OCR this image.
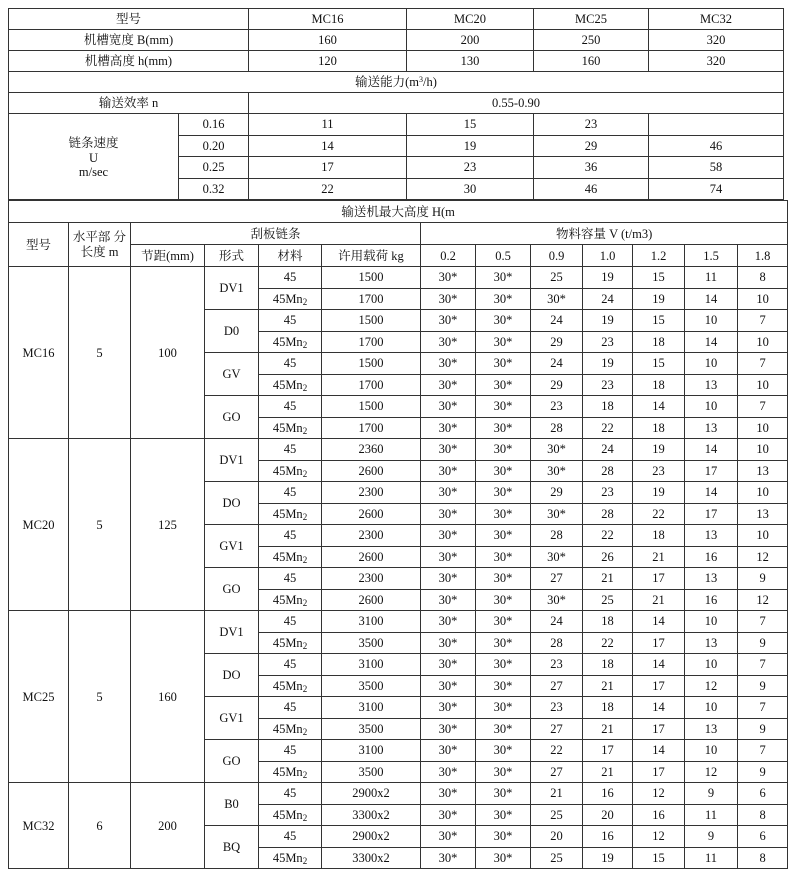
型号		MC16	MC20	MC25	MC32
机槽宽度 B(mm)		160	200	250	320
机槽高度 h(mm)		120	130	160	320
输送能力$(m^3/h)$					
输送效率 n		0.55-0.90			

链条速度
U
m/sec	0.16	11	15	23	
	0.20	14	19	29	46
	0.25	17	23	36	58
	0.32	22	30	46	74
输送机最大高度 H(m												
型号	水平部 分长度 m	刮板链条				物料容量 V (t/m3)						
		节距(mm)	形式	材料	许用载荷 kg	0.2	0.5	0.9	1.0	1.2	1.5	1.8
MC16	5	100	DV1	45	1500	30*	30*	25	19	15	11	8
				$45Mn_2$	1700	30*	30*	30*	24	19	14	10
			D0	45	1500	30*	30*	24	19	15	10	7
				$45Mn_2$	1700	30*	30*	29	23	18	14	10
			GV	45	1500	30*	30*	24	19	15	10	7
				$45Mn_2$	1700	30*	30*	29	23	18	13	10
			GO	45	1500	30*	30*	23	18	14	10	7
				$45Mn_2$	1700	30*	30*	28	22	18	13	10
MC20	5	125	DV1	45	2360	30*	30*	30*	24	19	14	10
				$45Mn_2$	2600	30*	30*	30*	28	23	17	13
			DO	45	2300	30*	30*	29	23	19	14	10
				$45Mn_2$	2600	30*	30*	30*	28	22	17	13
			GV1	45	2300	30*	30*	28	22	18	13	10
				$45Mn_2$	2600	30*	30*	30*	26	21	16	12
			GO	45	2300	30*	30*	27	21	17	13	9
				$45Mn_2$	2600	30*	30*	30*	25	21	16	12
MC25	5	160	DV1	45	3100	30*	30*	24	18	14	10	7
				$45Mn_2$	3500	30*	30*	28	22	17	13	9
			DO	45	3100	30*	30*	23	18	14	10	7
				$45Mn_2$	3500	30*	30*	27	21	17	12	9
			GV1	45	3100	30*	30*	23	18	14	10	7
				$45Mn_2$	3500	30*	30*	27	21	17	13	9
			GO	45	3100	30*	30*	22	17	14	10	7
				$45Mn_2$	3500	30*	30*	27	21	17	12	9
MC32	6	200	B0	45	2900x2	30*	30*	21	16	12	9	6
				$45Mn_2$	3300x2	30*	30*	25	20	16	11	8
			BQ	45	2900x2	30*	30*	20	16	12	9	6
				$45Mn_2$	3300x2	30*	30*	25	19	15	11	8
